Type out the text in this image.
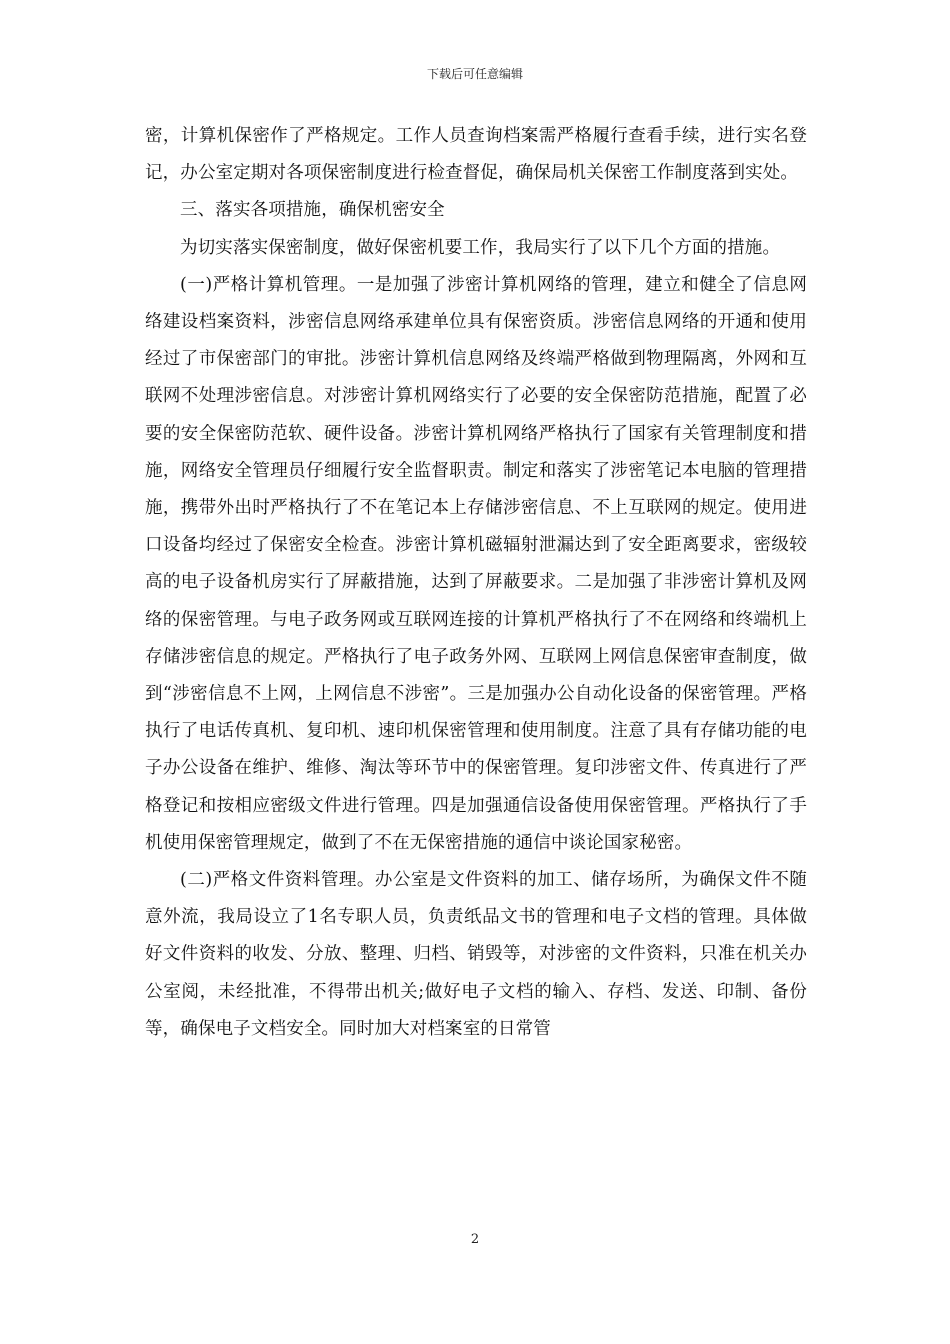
下载后可任意编辑

密，计算机保密作了严格规定。工作人员查询档案需严格履行查看手续，进行实名登记，办公室定期对各项保密制度进行检查督促，确保局机关保密工作制度落到实处。

三、落实各项措施，确保机密安全

为切实落实保密制度，做好保密机要工作，我局实行了以下几个方面的措施。

(一)严格计算机管理。一是加强了涉密计算机网络的管理，建立和健全了信息网络建设档案资料，涉密信息网络承建单位具有保密资质。涉密信息网络的开通和使用经过了市保密部门的审批。涉密计算机信息网络及终端严格做到物理隔离，外网和互联网不处理涉密信息。对涉密计算机网络实行了必要的安全保密防范措施，配置了必要的安全保密防范软、硬件设备。涉密计算机网络严格执行了国家有关管理制度和措施，网络安全管理员仔细履行安全监督职责。制定和落实了涉密笔记本电脑的管理措施，携带外出时严格执行了不在笔记本上存储涉密信息、不上互联网的规定。使用进口设备均经过了保密安全检查。涉密计算机磁辐射泄漏达到了安全距离要求，密级较高的电子设备机房实行了屏蔽措施，达到了屏蔽要求。二是加强了非涉密计算机及网络的保密管理。与电子政务网或互联网连接的计算机严格执行了不在网络和终端机上存储涉密信息的规定。严格执行了电子政务外网、互联网上网信息保密审查制度，做到“涉密信息不上网，上网信息不涉密”。三是加强办公自动化设备的保密管理。严格执行了电话传真机、复印机、速印机保密管理和使用制度。注意了具有存储功能的电子办公设备在维护、维修、淘汰等环节中的保密管理。复印涉密文件、传真进行了严格登记和按相应密级文件进行管理。四是加强通信设备使用保密管理。严格执行了手机使用保密管理规定，做到了不在无保密措施的通信中谈论国家秘密。

(二)严格文件资料管理。办公室是文件资料的加工、储存场所，为确保文件不随意外流，我局设立了1名专职人员，负责纸品文书的管理和电子文档的管理。具体做好文件资料的收发、分放、整理、归档、销毁等，对涉密的文件资料，只准在机关办公室阅，未经批准，不得带出机关;做好电子文档的输入、存档、发送、印制、备份等，确保电子文档安全。同时加大对档案室的日常管

2
